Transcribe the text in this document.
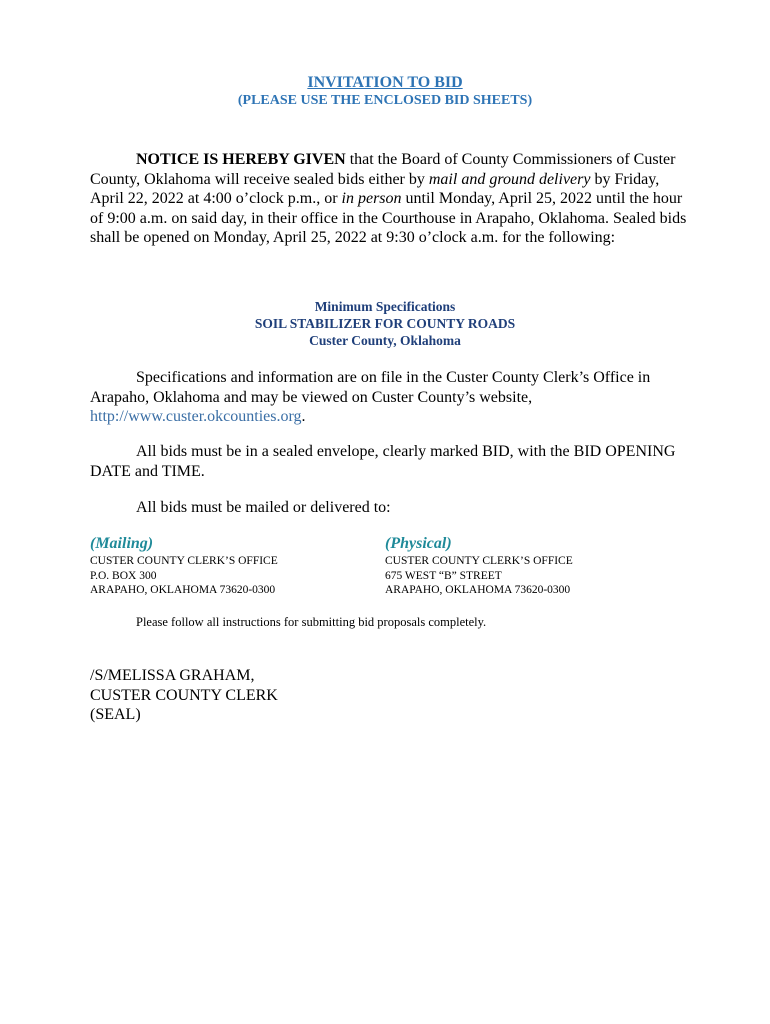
INVITATION TO BID
(PLEASE USE THE ENCLOSED BID SHEETS)
NOTICE IS HEREBY GIVEN that the Board of County Commissioners of Custer County, Oklahoma will receive sealed bids either by mail and ground delivery by Friday, April 22, 2022 at 4:00 o’clock p.m., or in person until Monday, April 25, 2022 until the hour of 9:00 a.m. on said day, in their office in the Courthouse in Arapaho, Oklahoma. Sealed bids shall be opened on Monday, April 25, 2022 at 9:30 o’clock a.m. for the following:
Minimum Specifications
SOIL STABILIZER FOR COUNTY ROADS
Custer County, Oklahoma
Specifications and information are on file in the Custer County Clerk’s Office in Arapaho, Oklahoma and may be viewed on Custer County’s website, http://www.custer.okcounties.org.
All bids must be in a sealed envelope, clearly marked BID, with the BID OPENING DATE and TIME.
All bids must be mailed or delivered to:
(Mailing)
CUSTER COUNTY CLERK’S OFFICE
P.O. BOX 300
ARAPAHO, OKLAHOMA 73620-0300
(Physical)
CUSTER COUNTY CLERK’S OFFICE
675 WEST “B” STREET
ARAPAHO, OKLAHOMA 73620-0300
Please follow all instructions for submitting bid proposals completely.
/S/MELISSA GRAHAM,
CUSTER COUNTY CLERK
(SEAL)
